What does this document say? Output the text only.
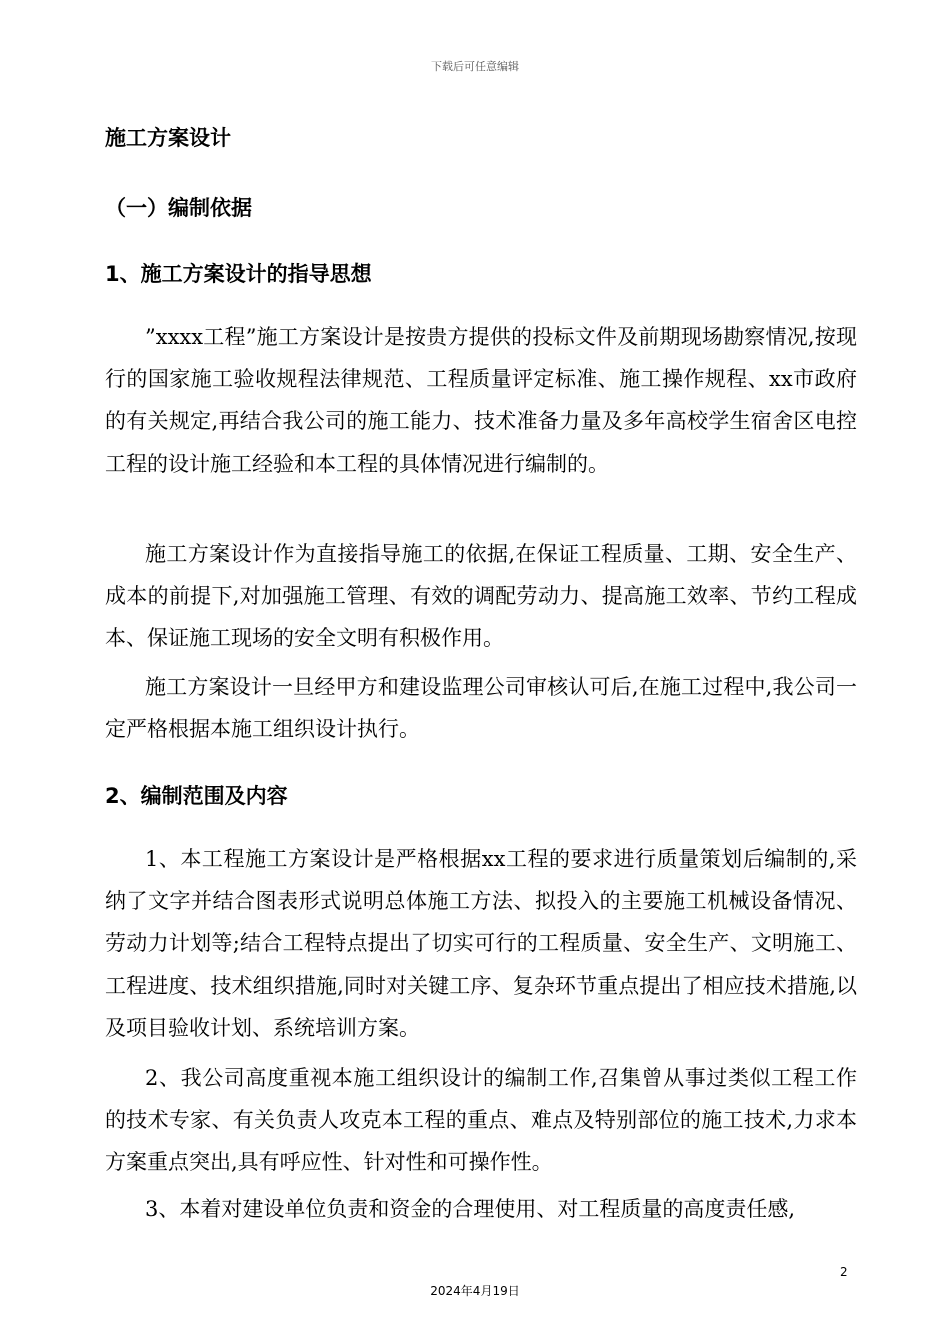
下载后可任意编辑
施工方案设计
（一）编制依据
1、施工方案设计的指导思想

”xxxx工程”施工方案设计是按贵方提供的投标文件及前期现场勘察情况,按现行的国家施工验收规程法律规范、工程质量评定标准、施工操作规程、xx市政府的有关规定,再结合我公司的施工能力、技术准备力量及多年高校学生宿舍区电控工程的设计施工经验和本工程的具体情况进行编制的。

施工方案设计作为直接指导施工的依据,在保证工程质量、工期、安全生产、成本的前提下,对加强施工管理、有效的调配劳动力、提高施工效率、节约工程成本、保证施工现场的安全文明有积极作用。

施工方案设计一旦经甲方和建设监理公司审核认可后,在施工过程中,我公司一定严格根据本施工组织设计执行。

2、编制范围及内容

1、本工程施工方案设计是严格根据xx工程的要求进行质量策划后编制的,采纳了文字并结合图表形式说明总体施工方法、拟投入的主要施工机械设备情况、劳动力计划等;结合工程特点提出了切实可行的工程质量、安全生产、文明施工、工程进度、技术组织措施,同时对关键工序、复杂环节重点提出了相应技术措施,以及项目验收计划、系统培训方案。

2、我公司高度重视本施工组织设计的编制工作,召集曾从事过类似工程工作的技术专家、有关负责人攻克本工程的重点、难点及特别部位的施工技术,力求本方案重点突出,具有呼应性、针对性和可操作性。

3、本着对建设单位负责和资金的合理使用、对工程质量的高度责任感,

2
2024年4月19日
